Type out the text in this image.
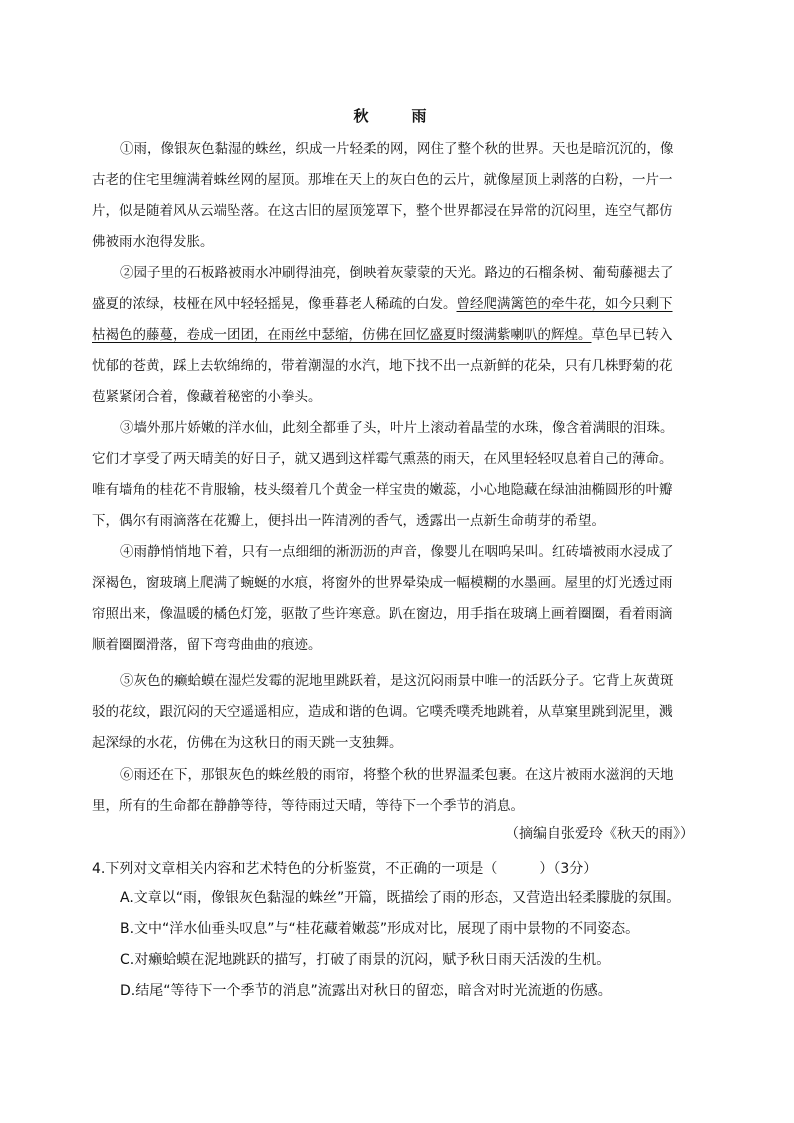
秋　雨
①雨，像银灰色黏湿的蛛丝，织成一片轻柔的网，网住了整个秋的世界。天也是暗沉沉的，像
古老的住宅里缠满着蛛丝网的屋顶。那堆在天上的灰白色的云片，就像屋顶上剥落的白粉，一片一
片，似是随着风从云端坠落。在这古旧的屋顶笼罩下，整个世界都浸在异常的沉闷里，连空气都仿
佛被雨水泡得发胀。
②园子里的石板路被雨水冲刷得油亮，倒映着灰蒙蒙的天光。路边的石榴条树、葡萄藤褪去了
盛夏的浓绿，枝桠在风中轻轻摇晃，像垂暮老人稀疏的白发。曾经爬满篱笆的牵牛花，如今只剩下
枯褐色的藤蔓，卷成一团团，在雨丝中瑟缩，仿佛在回忆盛夏时缀满紫喇叭的辉煌。草色早已转入
忧郁的苍黄，踩上去软绵绵的，带着潮湿的水汽，地下找不出一点新鲜的花朵，只有几株野菊的花
苞紧紧闭合着，像藏着秘密的小拳头。
③墙外那片娇嫩的洋水仙，此刻全都垂了头，叶片上滚动着晶莹的水珠，像含着满眼的泪珠。
它们才享受了两天晴美的好日子，就又遇到这样霉气熏蒸的雨天，在风里轻轻叹息着自己的薄命。
唯有墙角的桂花不肯服输，枝头缀着几个黄金一样宝贵的嫩蕊，小心地隐藏在绿油油椭圆形的叶瓣
下，偶尔有雨滴落在花瓣上，便抖出一阵清冽的香气，透露出一点新生命萌芽的希望。
④雨静悄悄地下着，只有一点细细的淅沥沥的声音，像婴儿在咽呜呆叫。红砖墙被雨水浸成了
深褐色，窗玻璃上爬满了蜿蜒的水痕，将窗外的世界晕染成一幅模糊的水墨画。屋里的灯光透过雨
帘照出来，像温暖的橘色灯笼，驱散了些许寒意。趴在窗边，用手指在玻璃上画着圈圈，看着雨滴
顺着圈圈滑落，留下弯弯曲曲的痕迹。
⑤灰色的癞蛤蟆在湿烂发霉的泥地里跳跃着，是这沉闷雨景中唯一的活跃分子。它背上灰黄斑
驳的花纹，跟沉闷的天空遥遥相应，造成和谐的色调。它噗秃噗秃地跳着，从草窠里跳到泥里，溅
起深绿的水花，仿佛在为这秋日的雨天跳一支独舞。
⑥雨还在下，那银灰色的蛛丝般的雨帘，将整个秋的世界温柔包裹。在这片被雨水滋润的天地
里，所有的生命都在静静等待，等待雨过天晴，等待下一个季节的消息。
（摘编自张爱玲《秋天的雨》）
4.下列对文章相关内容和艺术特色的分析鉴赏，不正确的一项是（　　　）（3分）
A.文章以“雨，像银灰色黏湿的蛛丝”开篇，既描绘了雨的形态，又营造出轻柔朦胧的氛围。
B.文中“洋水仙垂头叹息”与“桂花藏着嫩蕊”形成对比，展现了雨中景物的不同姿态。
C.对癞蛤蟆在泥地跳跃的描写，打破了雨景的沉闷，赋予秋日雨天活泼的生机。
D.结尾“等待下一个季节的消息”流露出对秋日的留恋，暗含对时光流逝的伤感。
